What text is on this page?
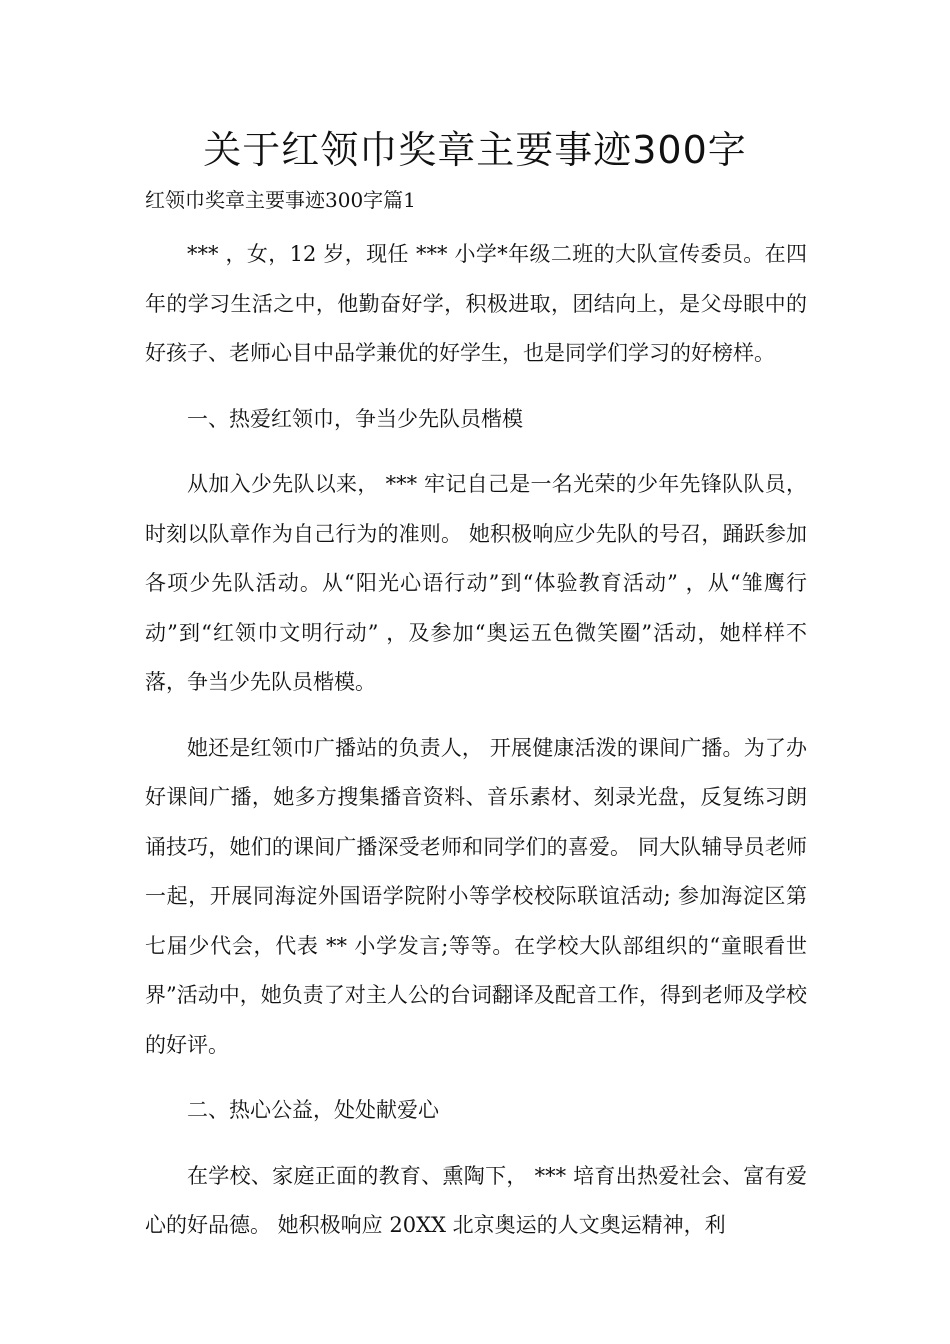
关于红领巾奖章主要事迹300字

红领巾奖章主要事迹300字篇1

*** ，女，12 岁，现任 *** 小学*年级二班的大队宣传委员。在四年的学习生活之中，他勤奋好学，积极进取，团结向上，是父母眼中的好孩子、老师心目中品学兼优的好学生，也是同学们学习的好榜样。

一、热爱红领巾，争当少先队员楷模

从加入少先队以来， *** 牢记自己是一名光荣的少年先锋队队员，时刻以队章作为自己行为的准则。 她积极响应少先队的号召，踊跃参加各项少先队活动。从“阳光心语行动”到“体验教育活动” ，从“雏鹰行动”到“红领巾文明行动” ，及参加“奥运五色微笑圈”活动，她样样不落，争当少先队员楷模。

她还是红领巾广播站的负责人， 开展健康活泼的课间广播。为了办好课间广播，她多方搜集播音资料、音乐素材、刻录光盘，反复练习朗诵技巧，她们的课间广播深受老师和同学们的喜爱。 同大队辅导员老师一起，开展同海淀外国语学院附小等学校校际联谊活动; 参加海淀区第七届少代会，代表 ** 小学发言;等等。在学校大队部组织的“童眼看世界”活动中，她负责了对主人公的台词翻译及配音工作，得到老师及学校的好评。

二、热心公益，处处献爱心

在学校、家庭正面的教育、熏陶下， *** 培育出热爱社会、富有爱心的好品德。 她积极响应 20XX 北京奥运的人文奥运精神，利
